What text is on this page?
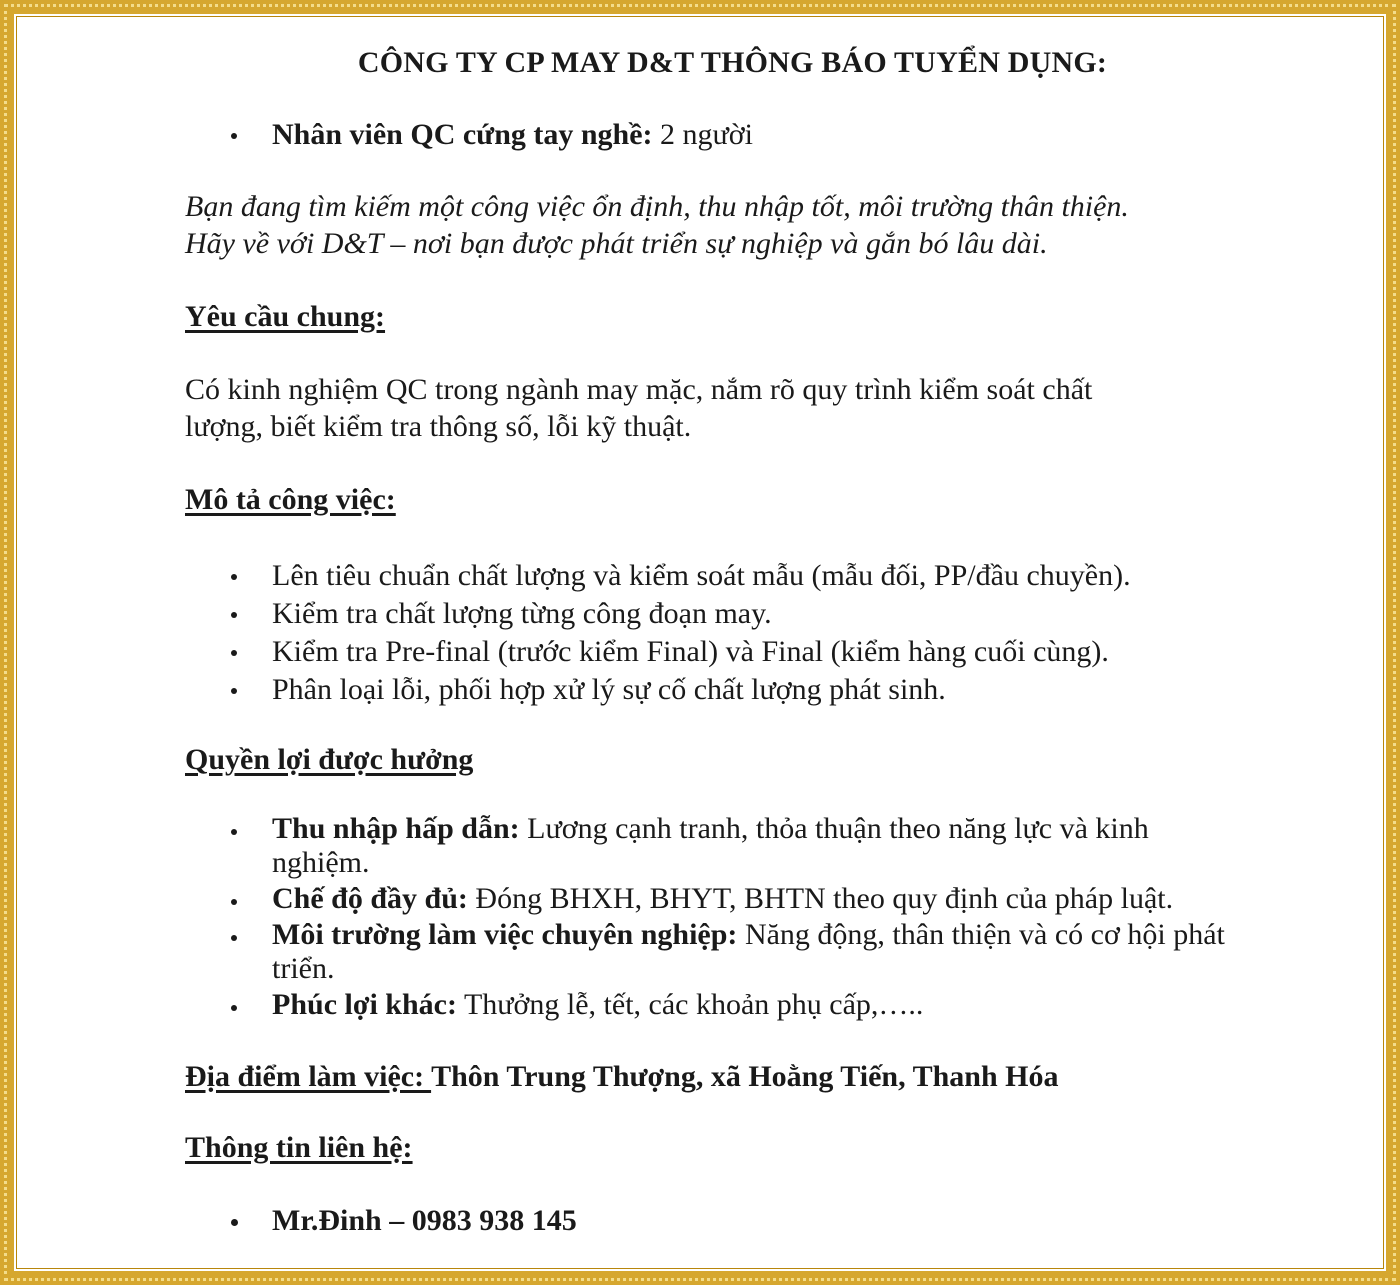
CÔNG TY CP MAY D&T THÔNG BÁO TUYỂN DỤNG:
Nhân viên QC cứng tay nghề: 2 người
Bạn đang tìm kiếm một công việc ổn định, thu nhập tốt, môi trường thân thiện.
Hãy về với D&T – nơi bạn được phát triển sự nghiệp và gắn bó lâu dài.
Yêu cầu chung:
Có kinh nghiệm QC trong ngành may mặc, nắm rõ quy trình kiểm soát chất
lượng, biết kiểm tra thông số, lỗi kỹ thuật.
Mô tả công việc:
Lên tiêu chuẩn chất lượng và kiểm soát mẫu (mẫu đối, PP/đầu chuyền).
Kiểm tra chất lượng từng công đoạn may.
Kiểm tra Pre-final (trước kiểm Final) và Final (kiểm hàng cuối cùng).
Phân loại lỗi, phối hợp xử lý sự cố chất lượng phát sinh.
Quyền lợi được hưởng
Thu nhập hấp dẫn: Lương cạnh tranh, thỏa thuận theo năng lực và kinh
nghiệm.
Chế độ đầy đủ: Đóng BHXH, BHYT, BHTN theo quy định của pháp luật.
Môi trường làm việc chuyên nghiệp: Năng động, thân thiện và có cơ hội phát
triển.
Phúc lợi khác: Thưởng lễ, tết, các khoản phụ cấp,…..
Địa điểm làm việc: Thôn Trung Thượng, xã Hoằng Tiến, Thanh Hóa
Thông tin liên hệ:
Mr.Đinh – 0983 938 145
